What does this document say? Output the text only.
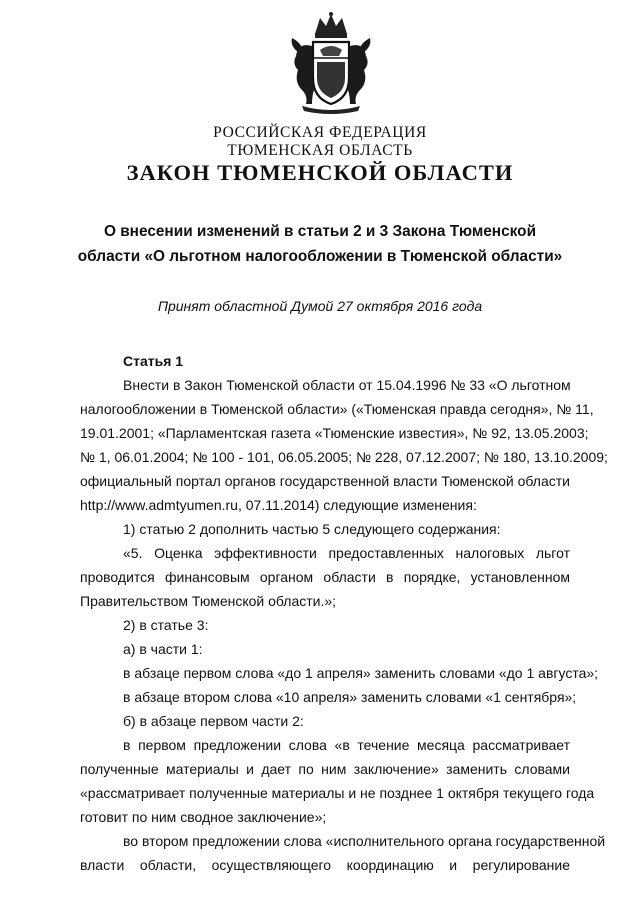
РОССИЙСКАЯ ФЕДЕРАЦИЯ
ТЮМЕНСКАЯ ОБЛАСТЬ
ЗАКОН ТЮМЕНСКОЙ ОБЛАСТИ
О внесении изменений в статьи 2 и 3 Закона Тюменской
области «О льготном налогообложении в Тюменской области»
Принят областной Думой 27 октября 2016 года
Статья 1
Внести в Закон Тюменской области от 15.04.1996 № 33 «О льготном
налогообложении в Тюменской области» («Тюменская правда сегодня», № 11,
19.01.2001; «Парламентская газета «Тюменские известия», № 92, 13.05.2003;
№ 1, 06.01.2004; № 100 - 101, 06.05.2005; № 228, 07.12.2007; № 180, 13.10.2009;
официальный портал органов государственной власти Тюменской области
http://www.admtyumen.ru, 07.11.2014) следующие изменения:
1) статью 2 дополнить частью 5 следующего содержания:
«5. Оценка эффективности предоставленных налоговых льгот
проводится финансовым органом области в порядке, установленном
Правительством Тюменской области.»;
2) в статье 3:
а) в части 1:
в абзаце первом слова «до 1 апреля» заменить словами «до 1 августа»;
в абзаце втором слова «10 апреля» заменить словами «1 сентября»;
б) в абзаце первом части 2:
в первом предложении слова «в течение месяца рассматривает
полученные материалы и дает по ним заключение» заменить словами
«рассматривает полученные материалы и не позднее 1 октября текущего года
готовит по ним сводное заключение»;
во втором предложении слова «исполнительного органа государственной
власти области, осуществляющего координацию и регулирование
